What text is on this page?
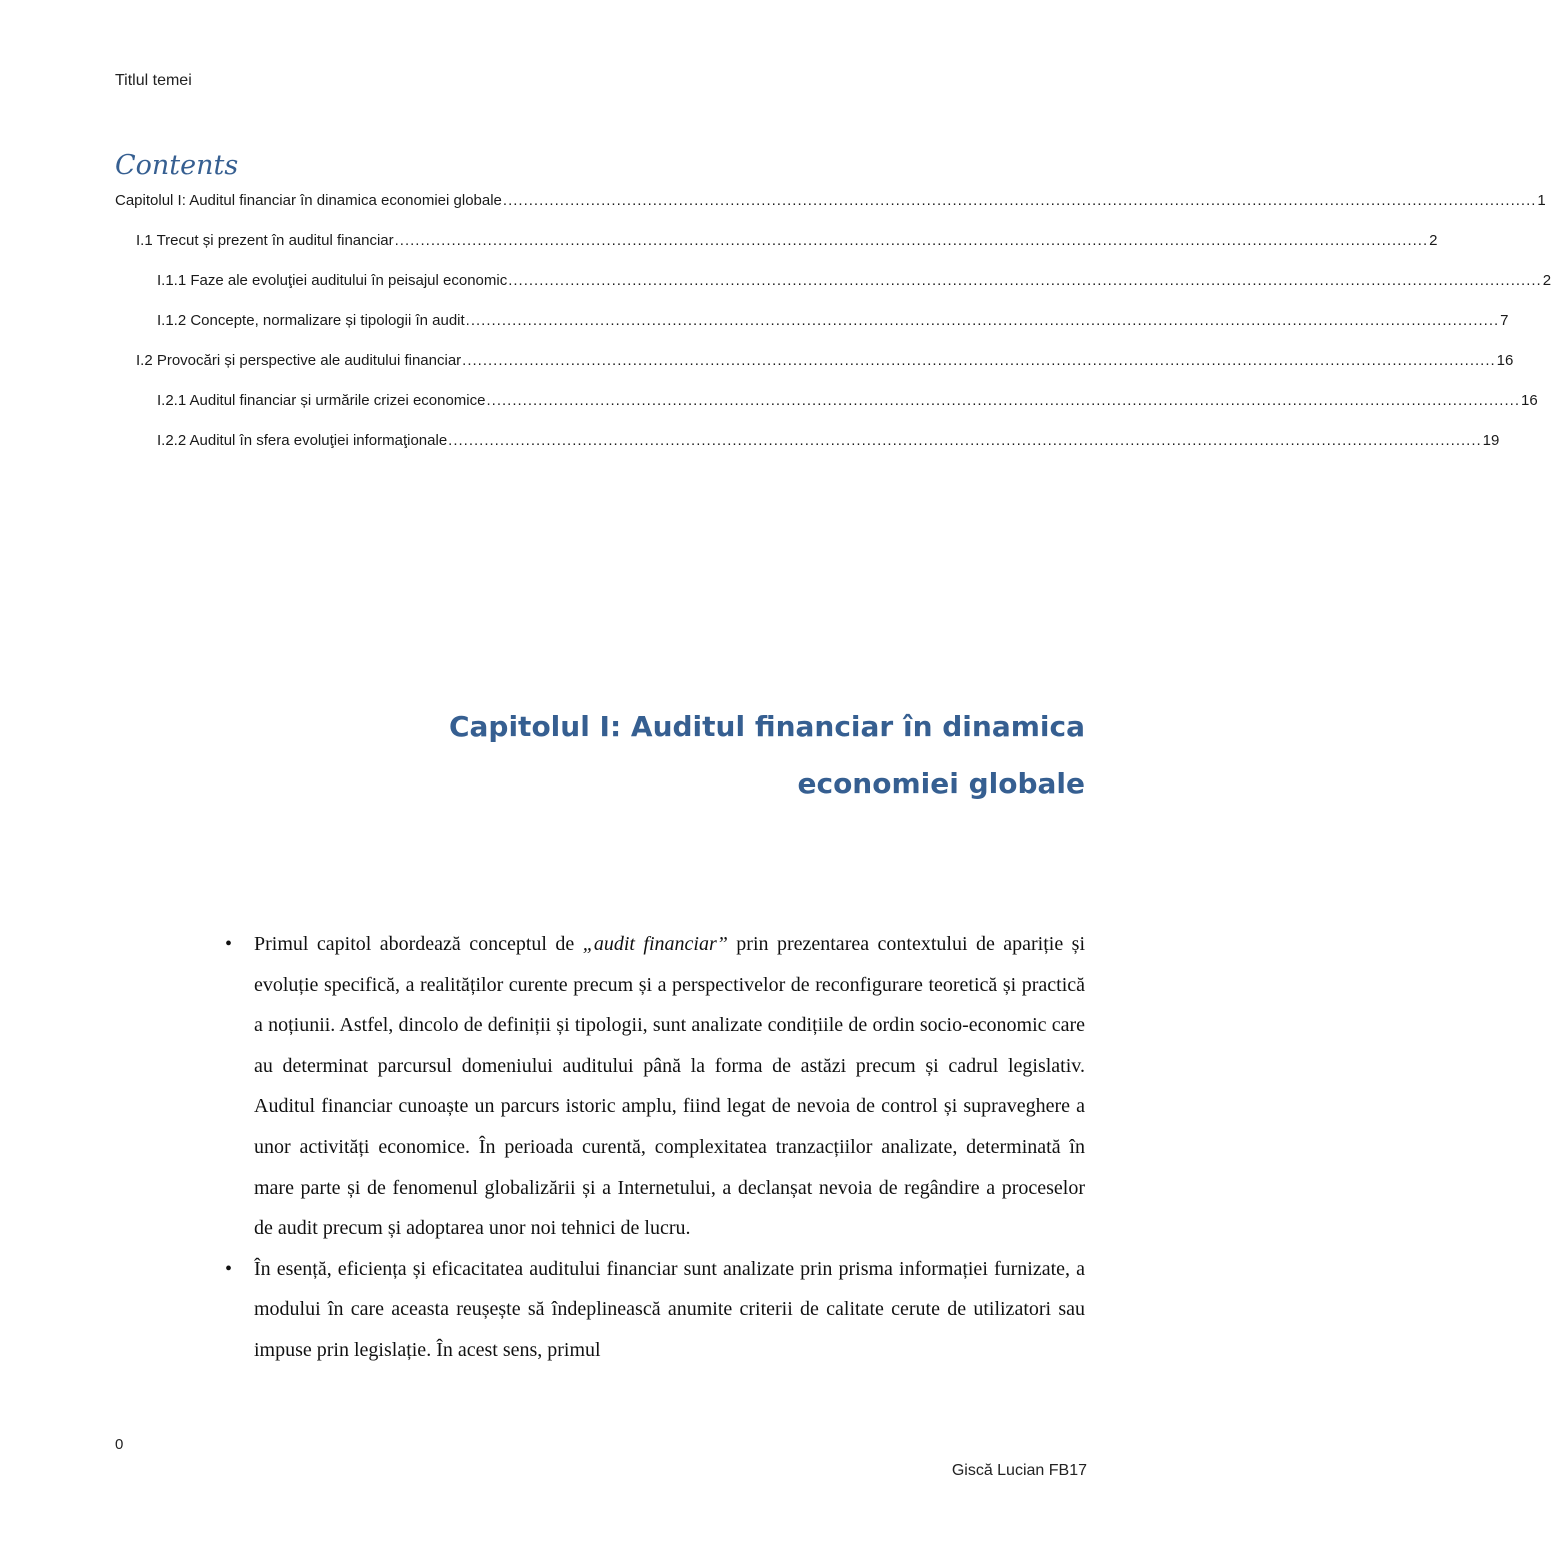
Titlul temei
Contents
Capitolul I: Auditul financiar în dinamica economiei globale ........................................................................................................................................................................................................ 1
I.1 Trecut și prezent în auditul financiar ........................................................................................................................................................................................................ 2
I.1.1 Faze ale evoluţiei auditului în peisajul economic ........................................................................................................................................................................................................ 2
I.1.2 Concepte, normalizare și tipologii în audit ........................................................................................................................................................................................................ 7
I.2 Provocări și perspective ale auditului financiar ........................................................................................................................................................................................................ 16
I.2.1 Auditul financiar și urmările crizei economice ........................................................................................................................................................................................................ 16
I.2.2 Auditul în sfera evoluţiei informaţionale ........................................................................................................................................................................................................ 19
Capitolul I: Auditul financiar în dinamica
economiei globale
• Primul capitol abordează conceptul de „audit financiar” prin prezentarea contextului de apariție și evoluție specifică, a realităților curente precum și a perspectivelor de reconfigurare teoretică și practică a noțiunii. Astfel, dincolo de definiții și tipologii, sunt analizate condițiile de ordin socio-economic care au determinat parcursul domeniului auditului până la forma de astăzi precum și cadrul legislativ. Auditul financiar cunoaște un parcurs istoric amplu, fiind legat de nevoia de control și supraveghere a unor activități economice. În perioada curentă, complexitatea tranzacțiilor analizate, determinată în mare parte și de fenomenul globalizării și a Internetului, a declanșat nevoia de regândire a proceselor de audit precum și adoptarea unor noi tehnici de lucru.
• În esență, eficiența și eficacitatea auditului financiar sunt analizate prin prisma informației furnizate, a modului în care aceasta reușește să îndeplinească anumite criterii de calitate cerute de utilizatori sau impuse prin legislație. În acest sens, primul
0
Giscă Lucian FB17
